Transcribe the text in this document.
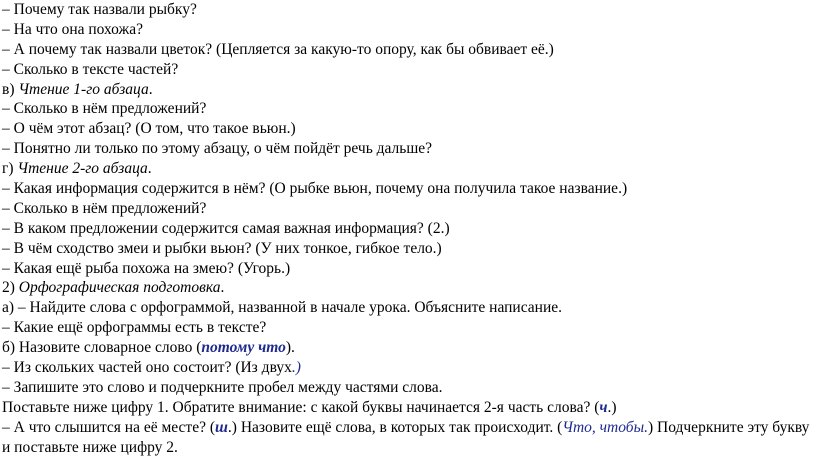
– Почему так назвали рыбку?

– На что она похожа?

– А почему так назвали цветок? (Цепляется за какую-то опору, как бы обвивает её.)

– Сколько в тексте частей?

в) Чтение 1-го абзаца.

– Сколько в нём предложений?

– О чём этот абзац? (О том, что такое вьюн.)

– Понятно ли только по этому абзацу, о чём пойдёт речь дальше?

г) Чтение 2-го абзаца.

– Какая информация содержится в нём? (О рыбке вьюн, почему она получила такое название.)

– Сколько в нём предложений?

– В каком предложении содержится самая важная информация? (2.)

– В чём сходство змеи и рыбки вьюн? (У них тонкое, гибкое тело.)

– Какая ещё рыба похожа на змею? (Угорь.)

2) Орфографическая подготовка.

а) – Найдите слова с орфограммой, названной в начале урока. Объясните написание.

– Какие ещё орфограммы есть в тексте?

б) Назовите словарное слово (потому что).

– Из скольких частей оно состоит? (Из двух.)

– Запишите это слово и подчеркните пробел между частями слова.

Поставьте ниже цифру 1. Обратите внимание: с какой буквы начинается 2-я часть слова? (ч.)

– А что слышится на её месте? (ш.) Назовите ещё слова, в которых так происходит. (Что, чтобы.) Подчеркните эту букву

и поставьте ниже цифру 2.
